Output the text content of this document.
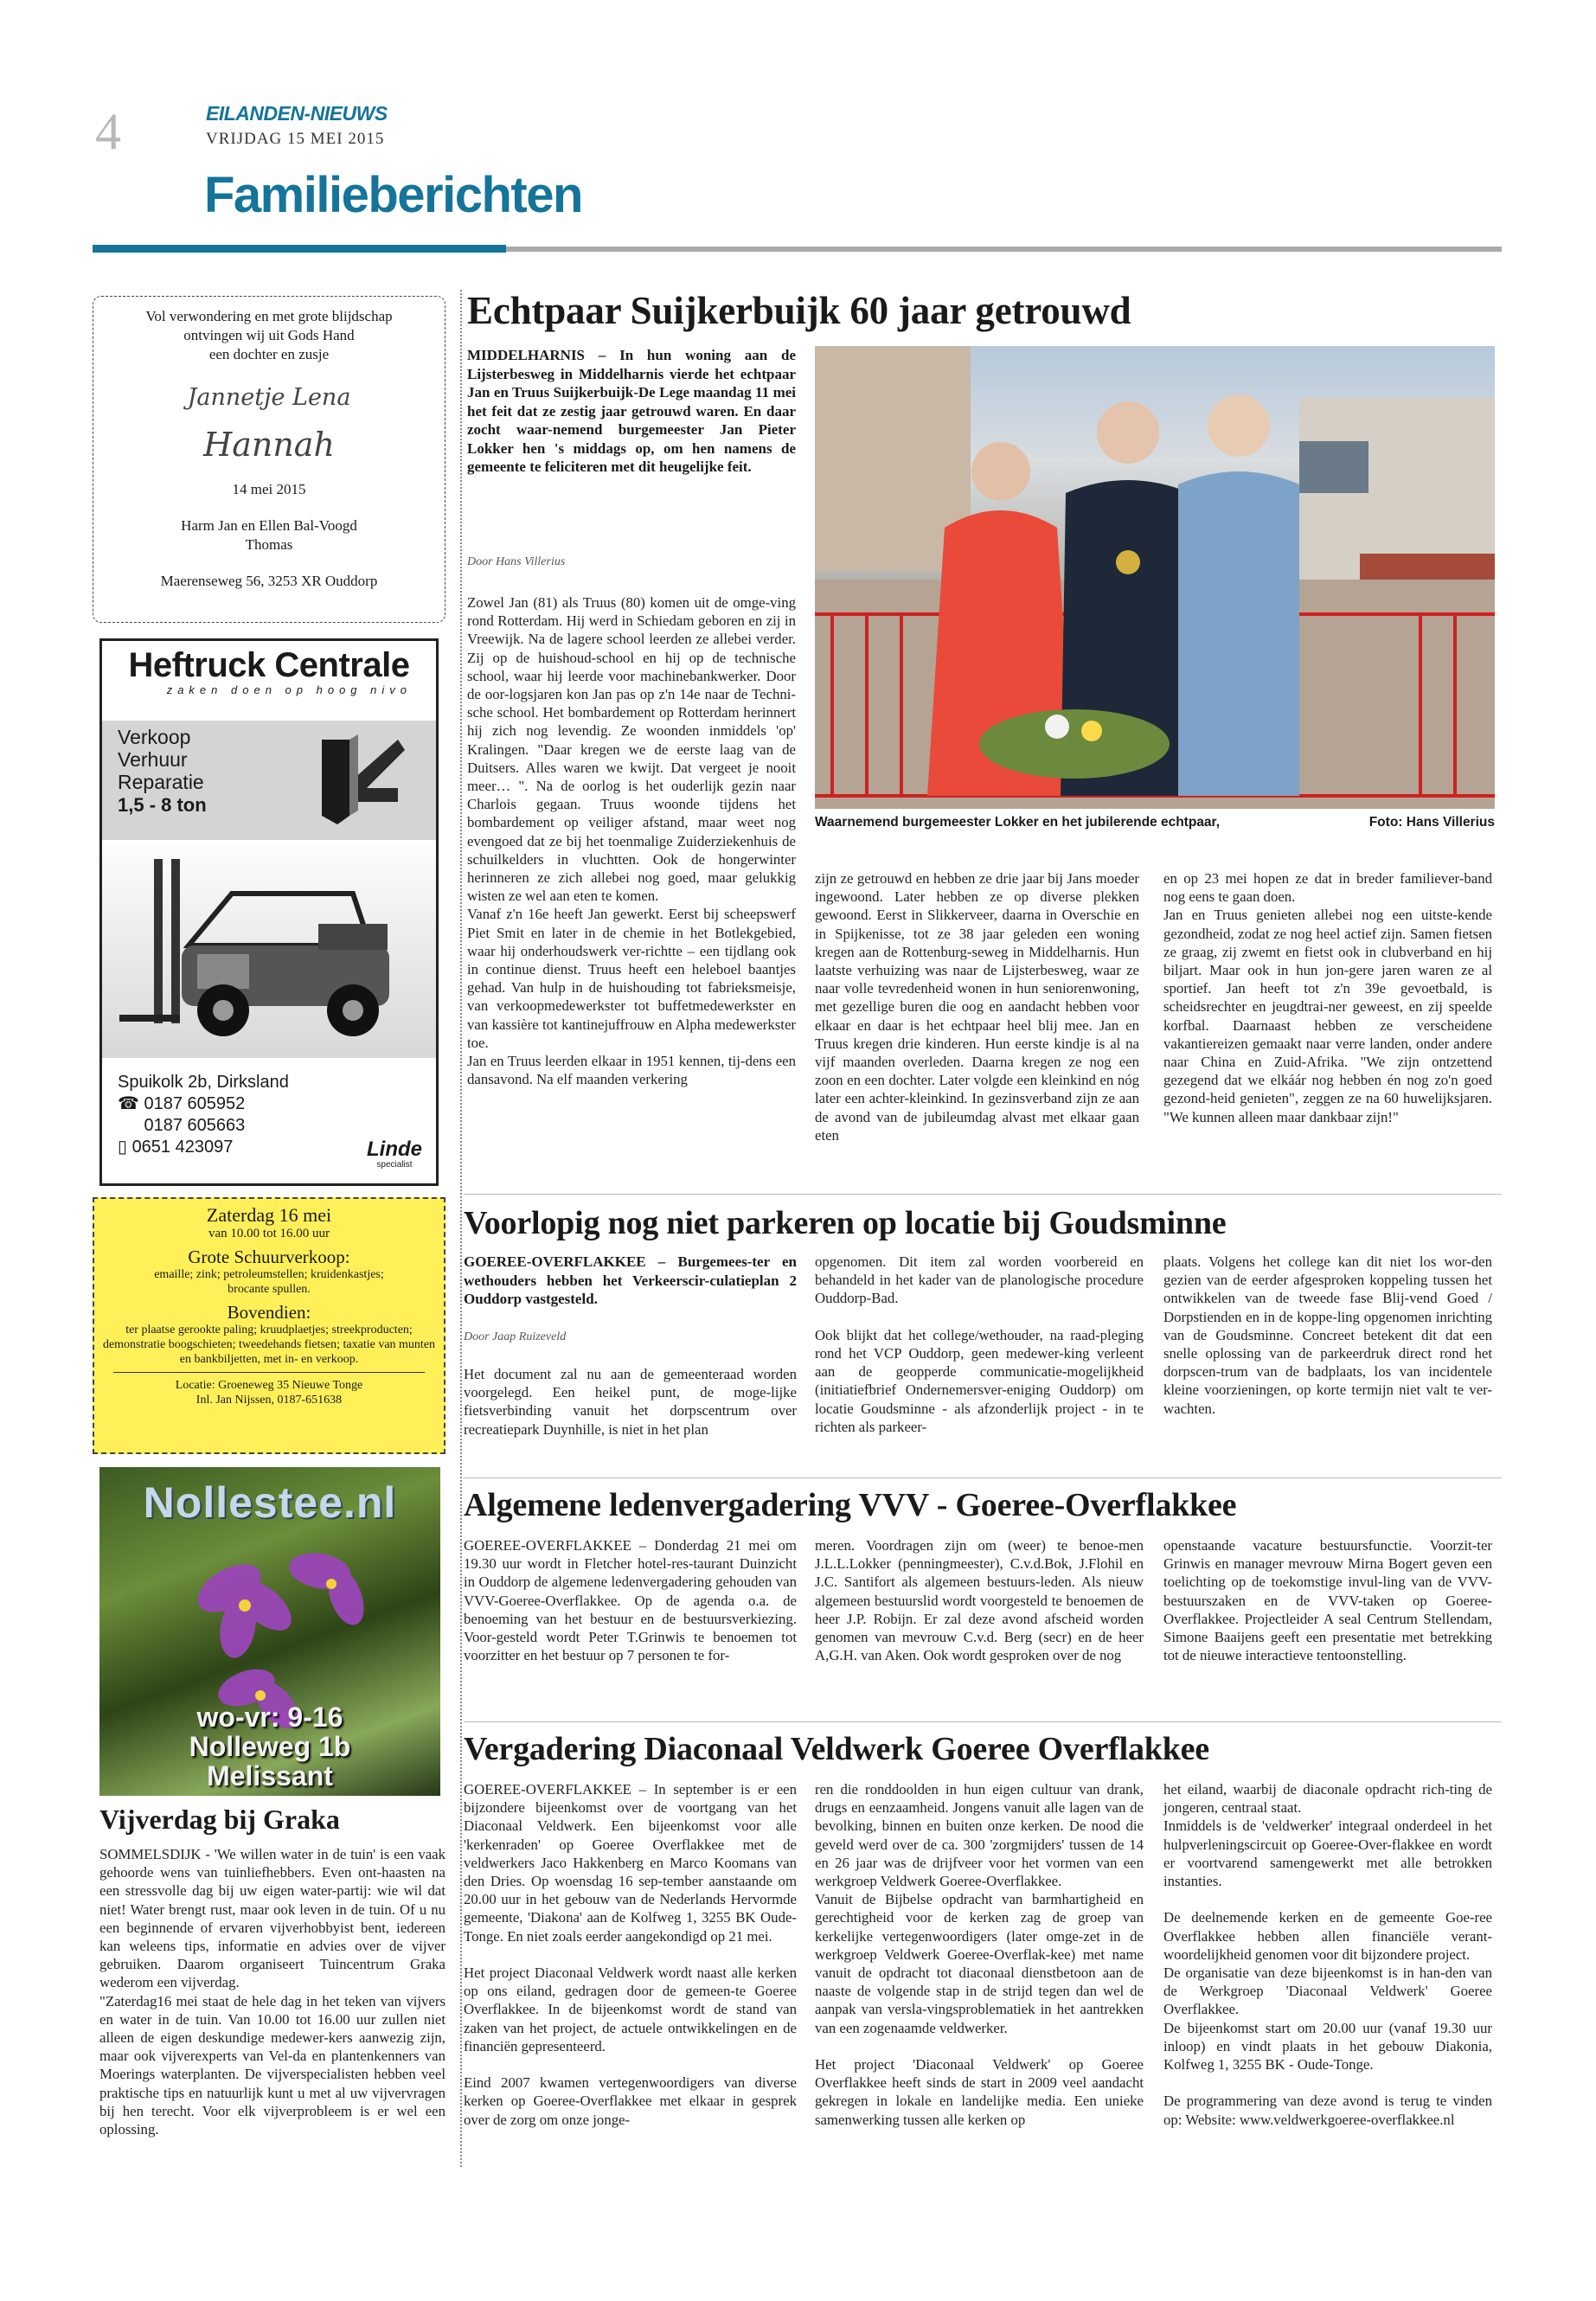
4	EILANDEN-NIEUWS
VRIJDAG 15 MEI 2015
Familieberichten
Vol verwondering en met grote blijdschap
ontvingen wij uit Gods Hand
een dochter en zusje
Jannetje Lena
Hannah
14 mei 2015
Harm Jan en Ellen Bal-Voogd
Thomas
Maerenseweg 56, 3253 XR Ouddorp
Heftruck Centrale
zaken doen op hoog nivo
Verkoop
Verhuur
Reparatie
1,5 - 8 ton
Spuikolk 2b, Dirksland
☎ 0187 605952
0187 605663
▯ 0651 423097	Linde
specialist
Zaterdag 16 mei
van 10.00 tot 16.00 uur
Grote Schuurverkoop:
emaille; zink; petroleumstellen; kruidenkastjes; brocante spullen.
Bovendien:
ter plaatse gerookte paling; kruudplaetjes; streekproducten; demonstratie boogschieten; tweedehands fietsen; taxatie van munten en bankbiljetten, met in- en verkoop.
Locatie: Groeneweg 35 Nieuwe Tonge
Inl. Jan Nijssen, 0187-651638
Nollestee.nl
wo-vr: 9-16
Nolleweg 1b
Melissant
Vijverdag bij Graka

SOMMELSDIJK - 'We willen water in de tuin' is een vaak gehoorde wens van tuinliefhebbers. Even ont-haasten na een stressvolle dag bij uw eigen water-partij: wie wil dat niet! Water brengt rust, maar ook leven in de tuin. Of u nu een beginnende of ervaren vijverhobbyist bent, iedereen kan weleens tips, informatie en advies over de vijver gebruiken. Daarom organiseert Tuincentrum Graka wederom een vijverdag.

"Zaterdag16 mei staat de hele dag in het teken van vijvers en water in de tuin. Van 10.00 tot 16.00 uur zullen niet alleen de eigen deskundige medewer-kers aanwezig zijn, maar ook vijverexperts van Vel-da en plantenkenners van Moerings waterplanten. De vijverspecialisten hebben veel praktische tips en natuurlijk kunt u met al uw vijvervragen bij hen terecht. Voor elk vijverprobleem is er wel een oplossing.

Echtpaar Suijkerbuijk 60 jaar getrouwd
MIDDELHARNIS – In hun woning aan de Lijsterbesweg in Middelharnis vierde het echtpaar Jan en Truus Suijkerbuijk-De Lege maandag 11 mei het feit dat ze zestig jaar getrouwd waren. En daar zocht waar-nemend burgemeester Jan Pieter Lokker hen 's middags op, om hen namens de gemeente te feliciteren met dit heugelijke feit.
Door Hans Villerius

Zowel Jan (81) als Truus (80) komen uit de omge-ving rond Rotterdam. Hij werd in Schiedam geboren en zij in Vreewijk. Na de lagere school leerden ze allebei verder. Zij op de huishoud-school en hij op de technische school, waar hij leerde voor machinebankwerker. Door de oor-logsjaren kon Jan pas op z'n 14e naar de Techni-sche school. Het bombardement op Rotterdam herinnert hij zich nog levendig. Ze woonden inmiddels 'op' Kralingen. "Daar kregen we de eerste laag van de Duitsers. Alles waren we kwijt. Dat vergeet je nooit meer… ". Na de oorlog is het ouderlijk gezin naar Charlois gegaan. Truus woonde tijdens het bombardement op veiliger afstand, maar weet nog evengoed dat ze bij het toenmalige Zuiderziekenhuis de schuilkelders in vluchtten. Ook de hongerwinter herinneren ze zich allebei nog goed, maar gelukkig wisten ze wel aan eten te komen.

Vanaf z'n 16e heeft Jan gewerkt. Eerst bij scheepswerf Piet Smit en later in de chemie in het Botlekgebied, waar hij onderhoudswerk ver-richtte – een tijdlang ook in continue dienst. Truus heeft een heleboel baantjes gehad. Van hulp in de huishouding tot fabrieksmeisje, van verkoopmedewerkster tot buffetmedewerkster en van kassière tot kantinejuffrouw en Alpha medewerkster toe.

Jan en Truus leerden elkaar in 1951 kennen, tij-dens een dansavond. Na elf maanden verkering

Waarnemend burgemeester Lokker en het jubilerende echtpaar,	Foto: Hans Villerius

zijn ze getrouwd en hebben ze drie jaar bij Jans moeder ingewoond. Later hebben ze op diverse plekken gewoond. Eerst in Slikkerveer, daarna in Overschie en in Spijkenisse, tot ze 38 jaar geleden een woning kregen aan de Rottenburg-seweg in Middelharnis. Hun laatste verhuizing was naar de Lijsterbesweg, waar ze naar volle tevredenheid wonen in hun seniorenwoning, met gezellige buren die oog en aandacht hebben voor elkaar en daar is het echtpaar heel blij mee. Jan en Truus kregen drie kinderen. Hun eerste kindje is al na vijf maanden overleden. Daarna kregen ze nog een zoon en een dochter. Later volgde een kleinkind en nóg later een achter-kleinkind. In gezinsverband zijn ze aan de avond van de jubileumdag alvast met elkaar gaan eten

en op 23 mei hopen ze dat in breder familiever-band nog eens te gaan doen.

Jan en Truus genieten allebei nog een uitste-kende gezondheid, zodat ze nog heel actief zijn. Samen fietsen ze graag, zij zwemt en fietst ook in clubverband en hij biljart. Maar ook in hun jon-gere jaren waren ze al sportief. Jan heeft tot z'n 39e gevoetbald, is scheidsrechter en jeugdtrai-ner geweest, en zij speelde korfbal. Daarnaast hebben ze verscheidene vakantiereizen gemaakt naar verre landen, onder andere naar China en Zuid-Afrika. "We zijn ontzettend gezegend dat we elkáár nog hebben én nog zo'n goed gezond-heid genieten", zeggen ze na 60 huwelijksjaren. "We kunnen alleen maar dankbaar zijn!"

Voorlopig nog niet parkeren op locatie bij Goudsminne
GOEREE-OVERFLAKKEE – Burgemees-ter en wethouders hebben het Verkeerscir-culatieplan 2 Ouddorp vastgesteld.
Door Jaap Ruizeveld

Het document zal nu aan de gemeenteraad worden voorgelegd. Een heikel punt, de moge-lijke fietsverbinding vanuit het dorpscentrum over recreatiepark Duynhille, is niet in het plan

opgenomen. Dit item zal worden voorbereid en behandeld in het kader van de planologische procedure Ouddorp-Bad.

Ook blijkt dat het college/wethouder, na raad-pleging rond het VCP Ouddorp, geen medewer-king verleent aan de geopperde communicatie-mogelijkheid (initiatiefbrief Ondernemersver-eniging Ouddorp) om locatie Goudsminne - als afzonderlijk project - in te richten als parkeer-

plaats. Volgens het college kan dit niet los wor-den gezien van de eerder afgesproken koppeling tussen het ontwikkelen van de tweede fase Blij-vend Goed / Dorpstienden en in de koppe-ling opgenomen inrichting van de Goudsminne. Concreet betekent dit dat een snelle oplossing van de parkeerdruk direct rond het dorpscen-trum van de badplaats, los van incidentele kleine voorzieningen, op korte termijn niet valt te ver-wachten.

Algemene ledenvergadering VVV - Goeree-Overflakkee

GOEREE-OVERFLAKKEE – Donderdag 21 mei om 19.30 uur wordt in Fletcher hotel-res-taurant Duinzicht in Ouddorp de algemene ledenvergadering gehouden van VVV-Goeree-Overflakkee. Op de agenda o.a. de benoeming van het bestuur en de bestuursverkiezing. Voor-gesteld wordt Peter T.Grinwis te benoemen tot voorzitter en het bestuur op 7 personen te for-

meren. Voordragen zijn om (weer) te benoe-men J.L.L.Lokker (penningmeester), C.v.d.Bok, J.Flohil en J.C. Santifort als algemeen bestuurs-leden. Als nieuw algemeen bestuurslid wordt voorgesteld te benoemen de heer J.P. Robijn. Er zal deze avond afscheid worden genomen van mevrouw C.v.d. Berg (secr) en de heer A,G.H. van Aken. Ook wordt gesproken over de nog

openstaande vacature bestuursfunctie. Voorzit-ter Grinwis en manager mevrouw Mirna Bogert geven een toelichting op de toekomstige invul-ling van de VVV-bestuurszaken en de VVV-taken op Goeree-Overflakkee. Projectleider A seal Centrum Stellendam, Simone Baaijens geeft een presentatie met betrekking tot de nieuwe interactieve tentoonstelling.

Vergadering Diaconaal Veldwerk Goeree Overflakkee

GOEREE-OVERFLAKKEE – In september is er een bijzondere bijeenkomst over de voortgang van het Diaconaal Veldwerk. Een bijeenkomst voor alle 'kerkenraden' op Goeree Overflakkee met de veldwerkers Jaco Hakkenberg en Marco Koomans van den Dries. Op woensdag 16 sep-tember aanstaande om 20.00 uur in het gebouw van de Nederlands Hervormde gemeente, 'Diakona' aan de Kolfweg 1, 3255 BK Oude-Tonge. En niet zoals eerder aangekondigd op 21 mei.

Het project Diaconaal Veldwerk wordt naast alle kerken op ons eiland, gedragen door de gemeen-te Goeree Overflakkee. In de bijeenkomst wordt de stand van zaken van het project, de actuele ontwikkelingen en de financiën gepresenteerd.

Eind 2007 kwamen vertegenwoordigers van diverse kerken op Goeree-Overflakkee met elkaar in gesprek over de zorg om onze jonge-

ren die ronddoolden in hun eigen cultuur van drank, drugs en eenzaamheid. Jongens vanuit alle lagen van de bevolking, binnen en buiten onze kerken. De nood die geveld werd over de ca. 300 'zorgmijders' tussen de 14 en 26 jaar was de drijfveer voor het vormen van een werkgroep Veldwerk Goeree-Overflakkee.

Vanuit de Bijbelse opdracht van barmhartigheid en gerechtigheid voor de kerken zag de groep van kerkelijke vertegenwoordigers (later omge-zet in de werkgroep Veldwerk Goeree-Overflak-kee) met name vanuit de opdracht tot diaconaal dienstbetoon aan de naaste de volgende stap in de strijd tegen dan wel de aanpak van versla-vingsproblematiek in het aantrekken van een zogenaamde veldwerker.

Het project 'Diaconaal Veldwerk' op Goeree Overflakkee heeft sinds de start in 2009 veel aandacht gekregen in lokale en landelijke media. Een unieke samenwerking tussen alle kerken op

het eiland, waarbij de diaconale opdracht rich-ting de jongeren, centraal staat.

Inmiddels is de 'veldwerker' integraal onderdeel in het hulpverleningscircuit op Goeree-Over-flakkee en wordt er voortvarend samengewerkt met alle betrokken instanties.

De deelnemende kerken en de gemeente Goe-ree Overflakkee hebben allen financiële verant-woordelijkheid genomen voor dit bijzondere project.

De organisatie van deze bijeenkomst is in han-den van de Werkgroep 'Diaconaal Veldwerk' Goeree Overflakkee.

De bijeenkomst start om 20.00 uur (vanaf 19.30 uur inloop) en vindt plaats in het gebouw Diakonia, Kolfweg 1, 3255 BK - Oude-Tonge.

De programmering van deze avond is terug te vinden op: Website: www.veldwerkgoeree-overflakkee.nl
